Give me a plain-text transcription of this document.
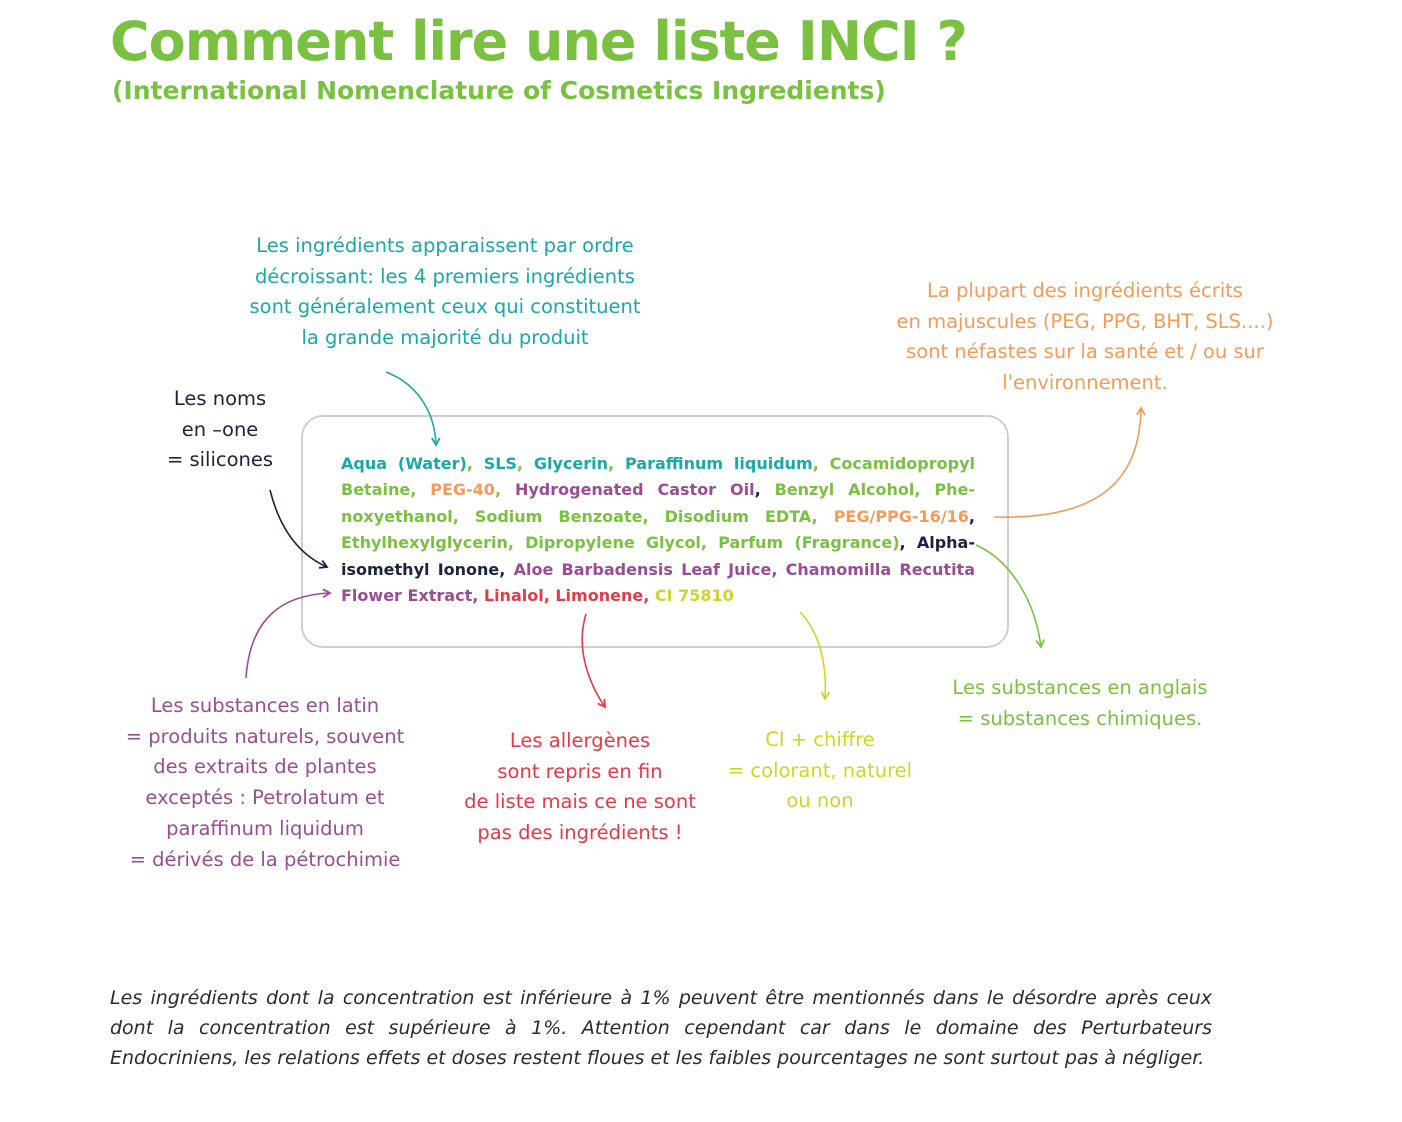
Comment lire une liste INCI ?
(International Nomenclature of Cosmetics Ingredients)
Les ingrédients apparaissent par ordre
décroissant: les 4 premiers ingrédients
sont généralement ceux qui constituent
la grande majorité du produit
La plupart des ingrédients écrits
en majuscules (PEG, PPG, BHT, SLS....)
sont néfastes sur la santé et / ou sur
l'environnement.
Les noms
en –one
= silicones	Aqua (Water), SLS, Glycerin, Paraffinum liquidum, Cocamidopropyl Betaine, PEG-40, Hydrogenated Castor Oil, Benzyl Alcohol, Phe-noxyethanol, Sodium Benzoate, Disodium EDTA, PEG/PPG-16/16, Ethylhexylglycerin, Dipropylene Glycol, Parfum (Fragrance), Alpha-isomethyl Ionone, Aloe Barbadensis Leaf Juice, Chamomilla Recutita Flower Extract, Linalol, Limonene, CI 75810

Les substances en latin
= produits naturels, souvent
des extraits de plantes
exceptés : Petrolatum et
paraffinum liquidum
= dérivés de la pétrochimie
Les allergènes
sont repris en fin
de liste mais ce ne sont
pas des ingrédients !
CI + chiffre
= colorant, naturel
ou non
Les substances en anglais
= substances chimiques.

Les ingrédients dont la concentration est inférieure à 1% peuvent être mentionnés dans le désordre après ceux dont la concentration est supérieure à 1%. Attention cependant car dans le domaine des Perturbateurs Endocriniens, les relations effets et doses restent floues et les faibles pourcentages ne sont surtout pas à négliger.
